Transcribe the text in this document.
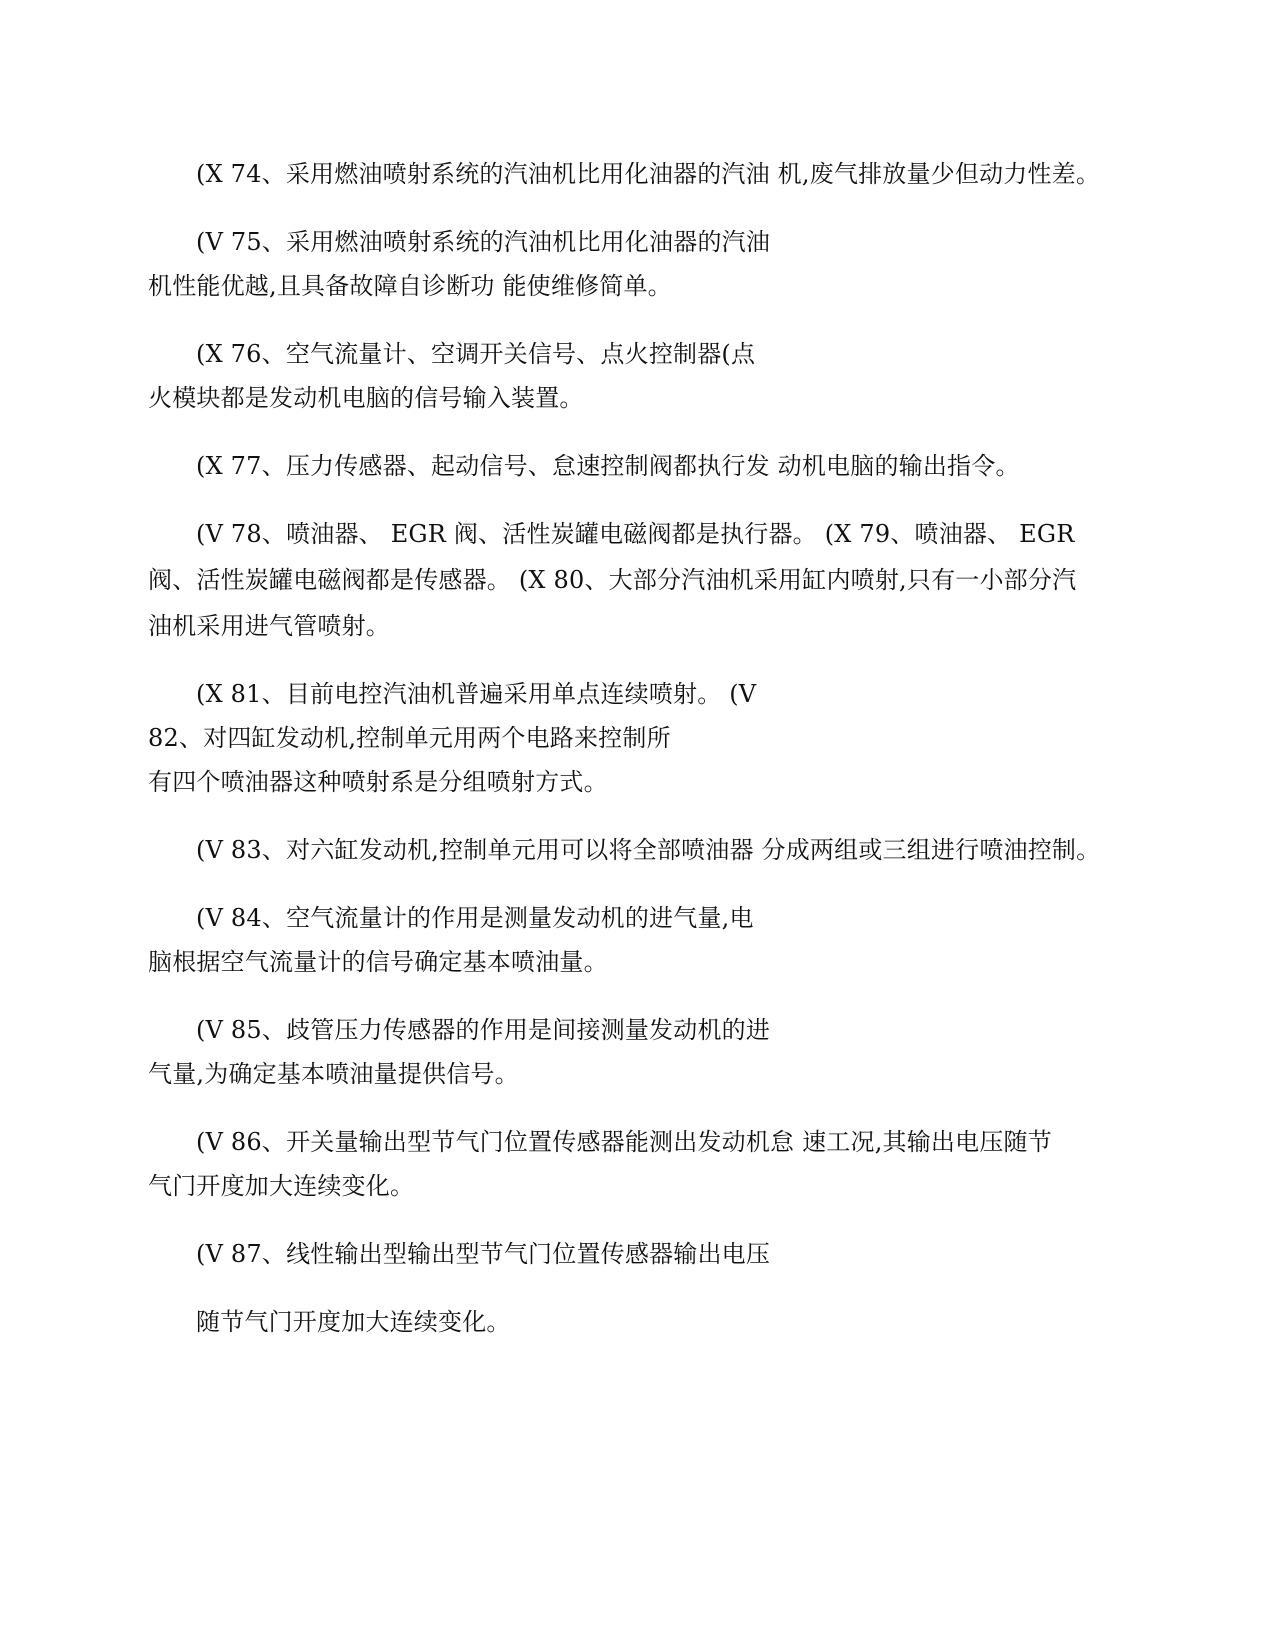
(X 74、采用燃油喷射系统的汽油机比用化油器的汽油 机,废气排放量少但动力性差。
(V 75、采用燃油喷射系统的汽油机比用化油器的汽油
机性能优越,且具备故障自诊断功 能使维修简单。
(X 76、空气流量计、空调开关信号、点火控制器(点
火模块都是发动机电脑的信号输入装置。
(X 77、压力传感器、起动信号、怠速控制阀都执行发 动机电脑的输出指令。
(V 78、喷油器、 EGR 阀、活性炭罐电磁阀都是执行器。 (X 79、喷油器、 EGR
阀、活性炭罐电磁阀都是传感器。 (X 80、大部分汽油机采用缸内喷射,只有一小部分汽
油机采用进气管喷射。
(X 81、目前电控汽油机普遍采用单点连续喷射。 (V
82、对四缸发动机,控制单元用两个电路来控制所
有四个喷油器这种喷射系是分组喷射方式。
(V 83、对六缸发动机,控制单元用可以将全部喷油器 分成两组或三组进行喷油控制。
(V 84、空气流量计的作用是测量发动机的进气量,电
脑根据空气流量计的信号确定基本喷油量。
(V 85、歧管压力传感器的作用是间接测量发动机的进
气量,为确定基本喷油量提供信号。
(V 86、开关量输出型节气门位置传感器能测出发动机怠 速工况,其输出电压随节
气门开度加大连续变化。
(V 87、线性输出型输出型节气门位置传感器输出电压
随节气门开度加大连续变化。
